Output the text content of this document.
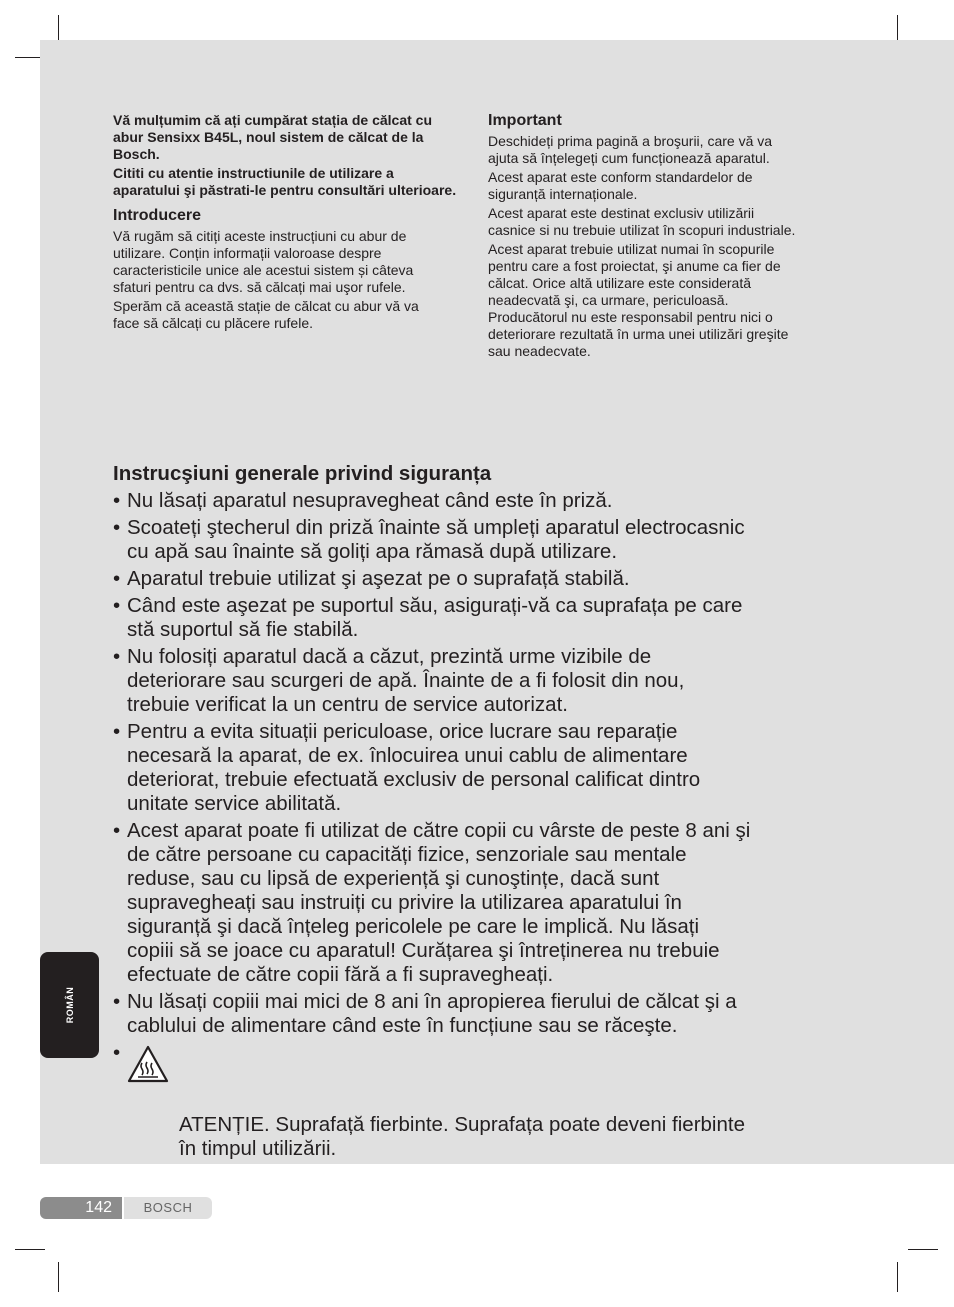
Vă mulțumim că ați cumpărat stația de călcat cu abur Sensixx B45L, noul sistem de călcat de la Bosch.

Cititi cu atentie instructiunile de utilizare a aparatului şi păstrati-le pentru consultări ulterioare.

Introducere

Vă rugăm să citiți aceste instrucțiuni cu abur de
utilizare. Conțin informații valoroase despre
caracteristicile unice ale acestui sistem și câteva
sfaturi pentru ca dvs. să călcați mai uşor rufele.

Sperăm că această stație de călcat cu abur vă va
face să călcați cu plăcere rufele.

Important

Deschideți prima pagină a broşurii, care vă va
ajuta să înțelegeți cum funcționează aparatul.

Acest aparat este conform standardelor de
siguranță internaționale.

Acest aparat este destinat exclusiv utilizării
casnice si nu trebuie utilizat în scopuri industriale.

Acest aparat trebuie utilizat numai în scopurile
pentru care a fost proiectat, şi anume ca fier de
călcat. Orice altă utilizare este considerată
neadecvată şi, ca urmare, periculoasă.
Producătorul nu este responsabil pentru nici o
deteriorare rezultată în urma unei utilizări greşite
sau neadecvate.

Instrucşiuni generale privind siguranța
• Nu lăsați aparatul nesupravegheat când este în priză.
• Scoateți ştecherul din priză înainte să umpleți aparatul electrocasnic
cu apă sau înainte să goliți apa rămasă după utilizare.
• Aparatul trebuie utilizat şi aşezat pe o suprafață stabilă.
• Când este aşezat pe suportul său, asigurați-vă ca suprafața pe care
stă suportul să fie stabilă.
• Nu folosiți aparatul dacă a căzut, prezintă urme vizibile de
deteriorare sau scurgeri de apă. Înainte de a fi folosit din nou,
trebuie verificat la un centru de service autorizat.
• Pentru a evita situații periculoase, orice lucrare sau reparație
necesară la aparat, de ex. înlocuirea unui cablu de alimentare
deteriorat, trebuie efectuată exclusiv de personal calificat dintro
unitate service abilitată.
• Acest aparat poate fi utilizat de către copii cu vârste de peste 8 ani şi
de către persoane cu capacități fizice, senzoriale sau mentale
reduse, sau cu lipsă de experiență şi cunoştințe, dacă sunt
supravegheați sau instruiți cu privire la utilizarea aparatului în
siguranță şi dacă înțeleg pericolele pe care le implică. Nu lăsați
copiii să se joace cu aparatul! Curățarea şi întreținerea nu trebuie
efectuate de către copii fără a fi supravegheați.
• Nu lăsați copiii mai mici de 8 ani în apropierea fierului de călcat şi a
cablului de alimentare când este în funcțiune sau se răceşte.

•

ATENȚIE. Suprafață fierbinte. Suprafața poate deveni fierbinte
în timpul utilizării.

ROMÂN
142	BOSCH
